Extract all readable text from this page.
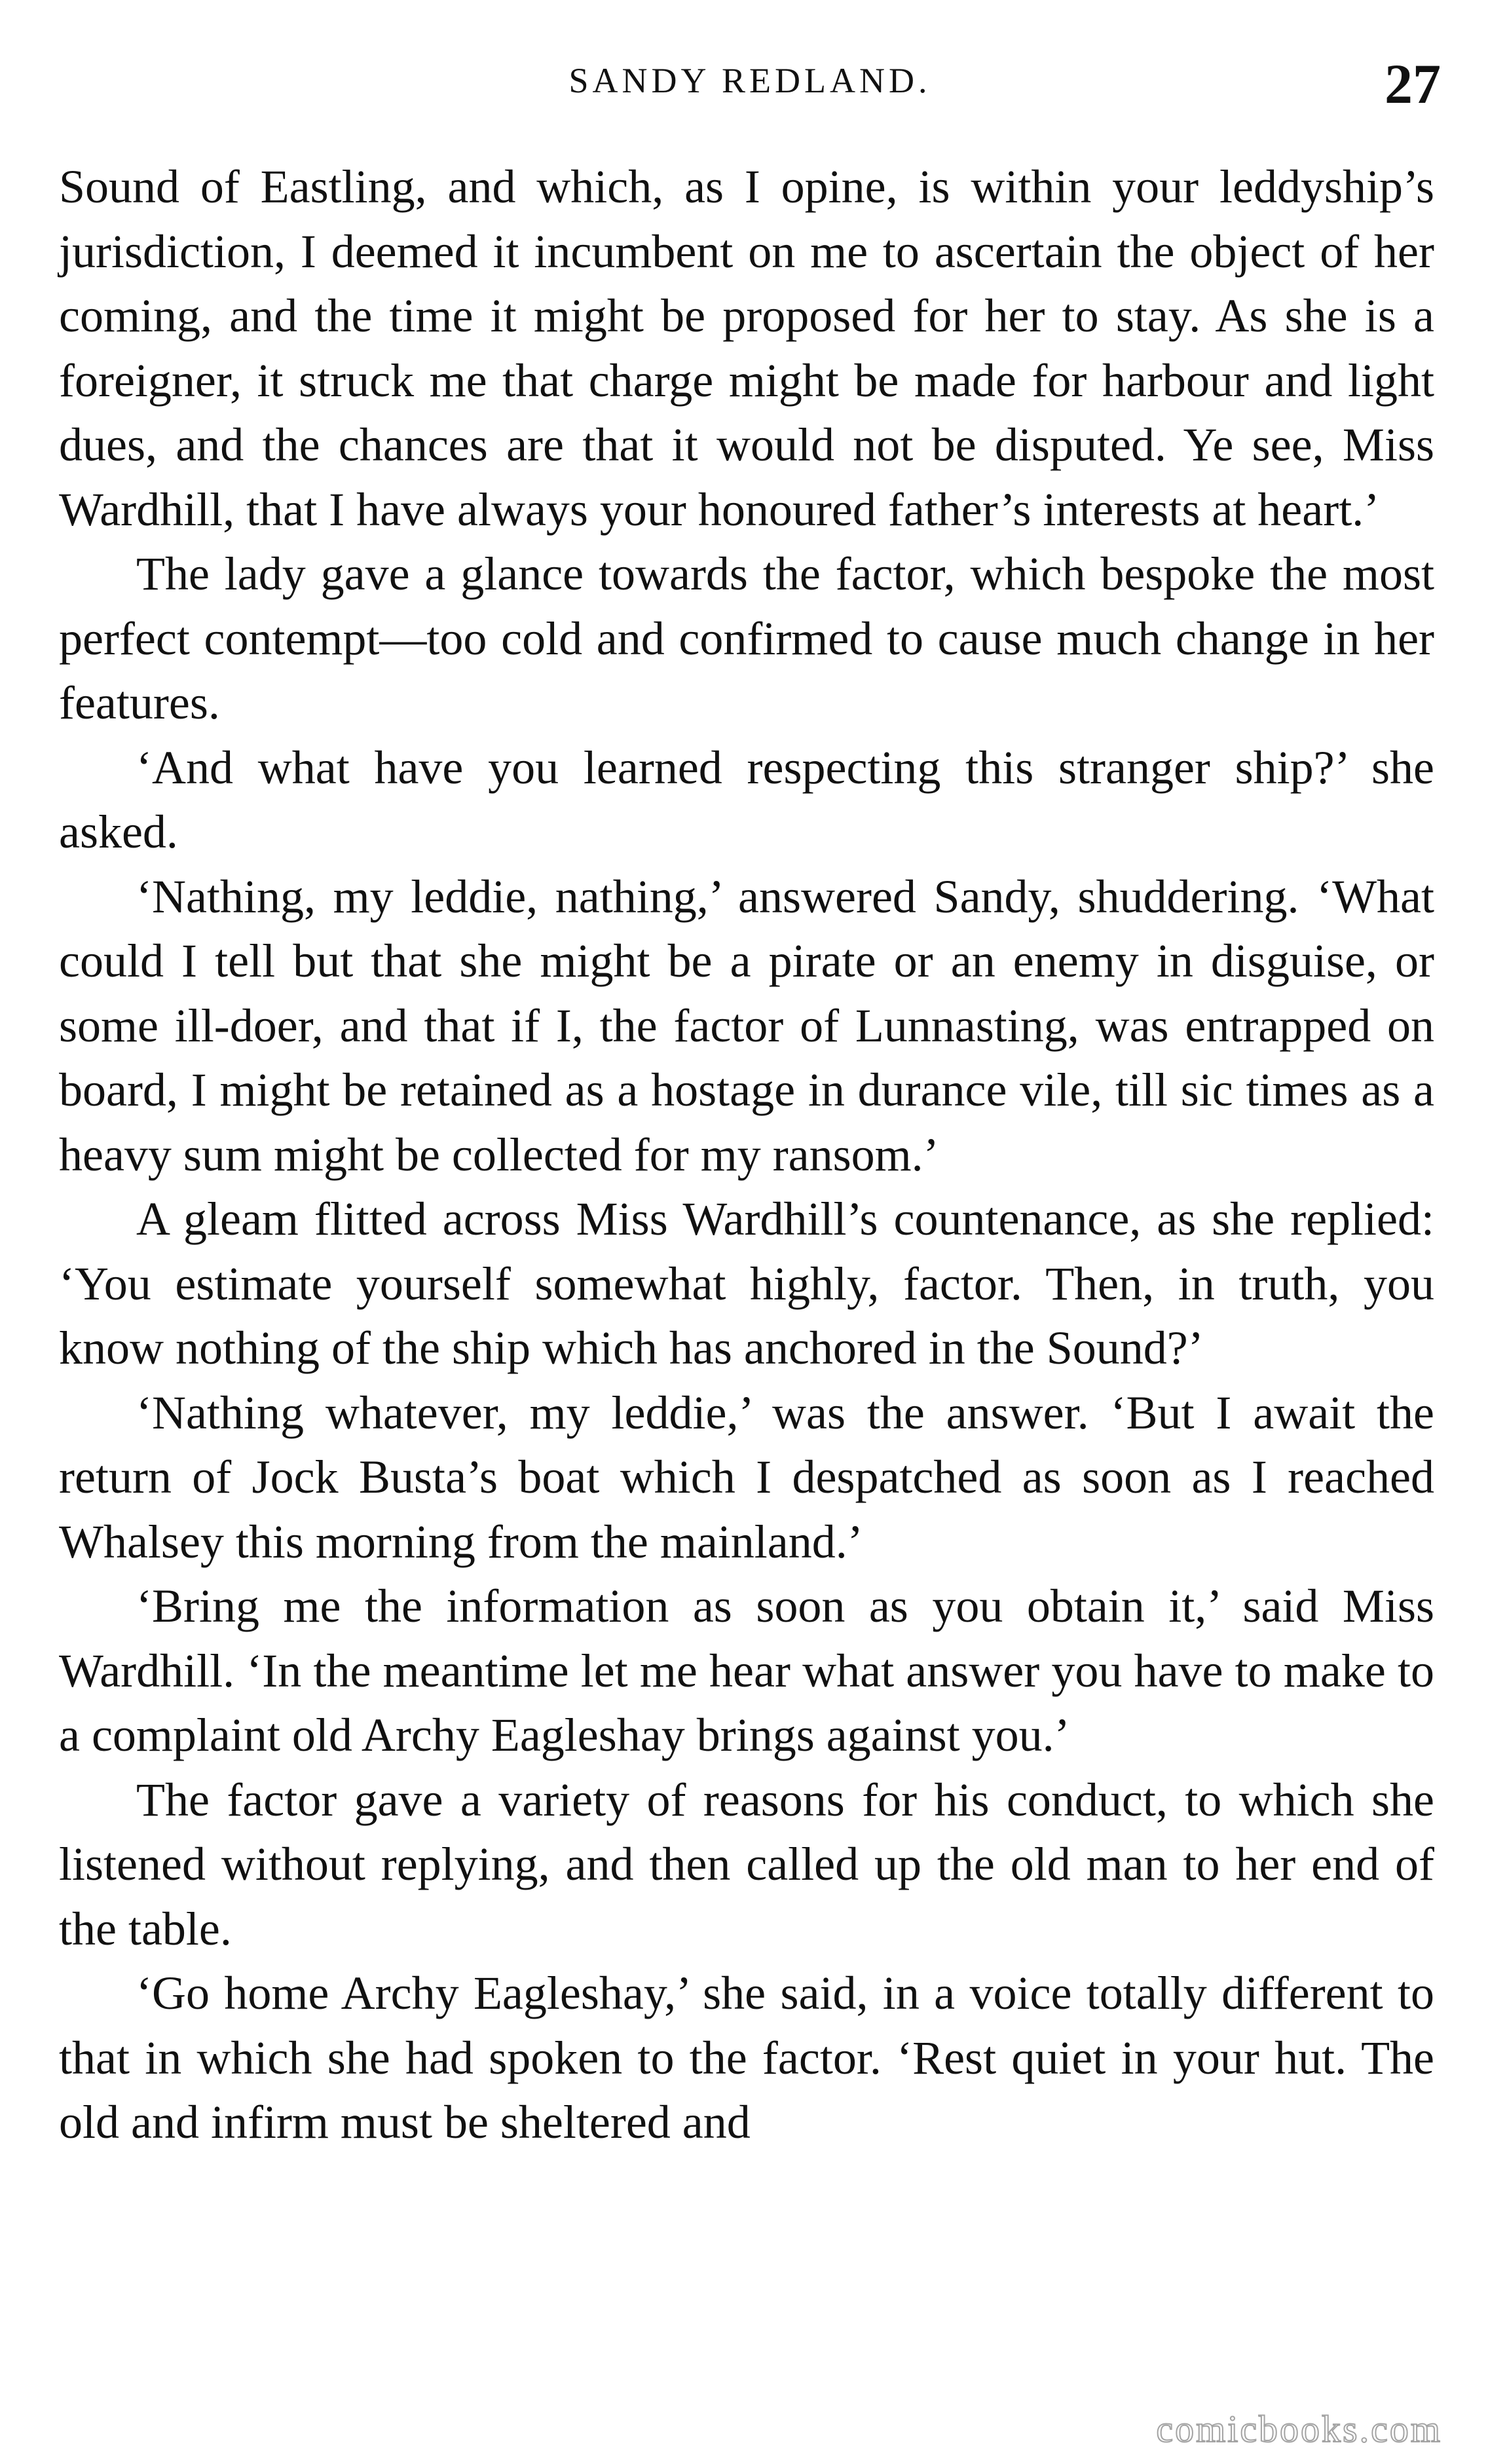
SANDY REDLAND.	27

Sound of Eastling, and which, as I opine, is within your leddyship’s jurisdiction, I deemed it incumbent on me to ascertain the object of her coming, and the time it might be proposed for her to stay. As she is a foreigner, it struck me that charge might be made for harbour and light dues, and the chances are that it would not be disputed. Ye see, Miss Wardhill, that I have always your honoured father’s interests at heart.’

The lady gave a glance towards the factor, which bespoke the most perfect contempt—too cold and confirmed to cause much change in her features.

‘And what have you learned respecting this stranger ship?’ she asked.

‘Nathing, my leddie, nathing,’ answered Sandy, shuddering. ‘What could I tell but that she might be a pirate or an enemy in disguise, or some ill-doer, and that if I, the factor of Lunnasting, was entrapped on board, I might be retained as a hostage in durance vile, till sic times as a heavy sum might be collected for my ransom.’

A gleam flitted across Miss Wardhill’s countenance, as she replied: ‘You estimate yourself somewhat highly, factor. Then, in truth, you know nothing of the ship which has anchored in the Sound?’

‘Nathing whatever, my leddie,’ was the answer. ‘But I await the return of Jock Busta’s boat which I despatched as soon as I reached Whalsey this morning from the mainland.’

‘Bring me the information as soon as you obtain it,’ said Miss Wardhill. ‘In the meantime let me hear what answer you have to make to a complaint old Archy Eagleshay brings against you.’

The factor gave a variety of reasons for his conduct, to which she listened without replying, and then called up the old man to her end of the table.

‘Go home Archy Eagleshay,’ she said, in a voice totally different to that in which she had spoken to the factor. ‘Rest quiet in your hut. The old and infirm must be sheltered and

comicbooks.com
